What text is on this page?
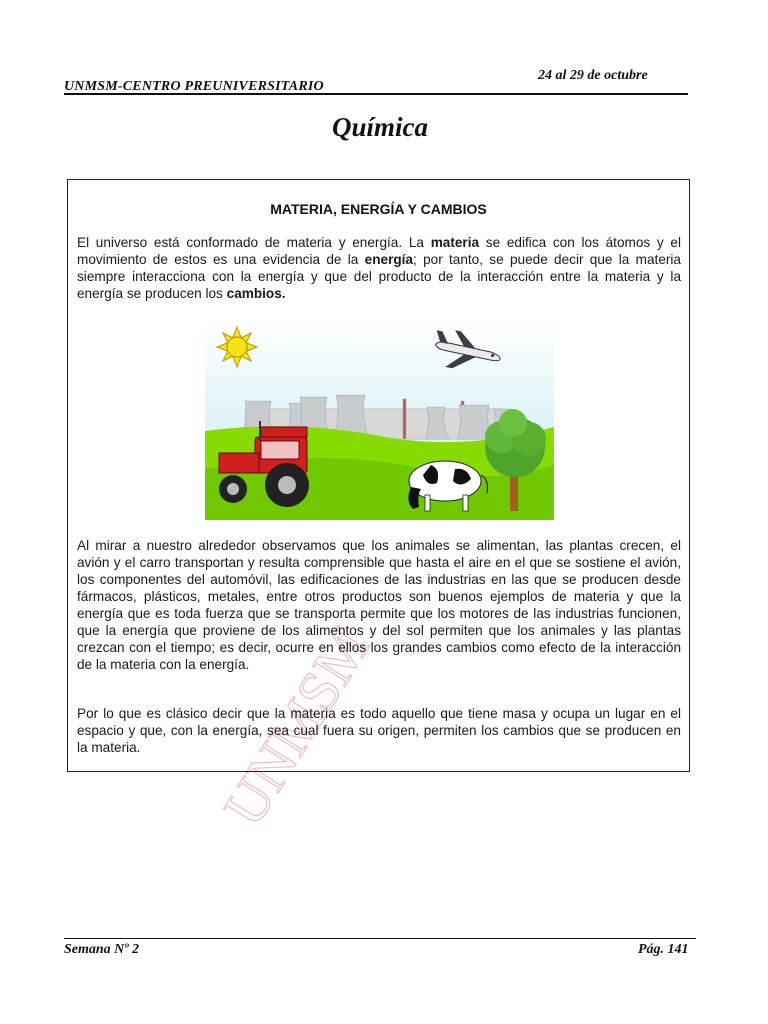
UNMSM
24 al 29 de octubre
UNMSM-CENTRO PREUNIVERSITARIO
Química
MATERIA, ENERGÍA Y CAMBIOS
El universo está conformado de materia y energía. La materia se edifica con los átomos y el movimiento de estos es una evidencia de la energía; por tanto, se puede decir que la materia siempre interacciona con la energía y que del producto de la interacción entre la materia y la energía se producen los cambios.
Al mirar a nuestro alrededor observamos que los animales se alimentan, las plantas crecen, el avión y el carro transportan y resulta comprensible que hasta el aire en el que se sostiene el avión, los componentes del automóvil, las edificaciones de las industrias en las que se producen desde fármacos, plásticos, metales, entre otros productos son buenos ejemplos de materia y que la energía que es toda fuerza que se transporta permite que los motores de las industrias funcionen, que la energía que proviene de los alimentos y del sol permiten que los animales y las plantas crezcan con el tiempo; es decir, ocurre en ellos los grandes cambios como efecto de la interacción de la materia con la energía.
Por lo que es clásico decir que la materia es todo aquello que tiene masa y ocupa un lugar en el espacio y que, con la energía, sea cual fuera su origen, permiten los cambios que se producen en la materia.
Semana Nº 2	Pág. 141
